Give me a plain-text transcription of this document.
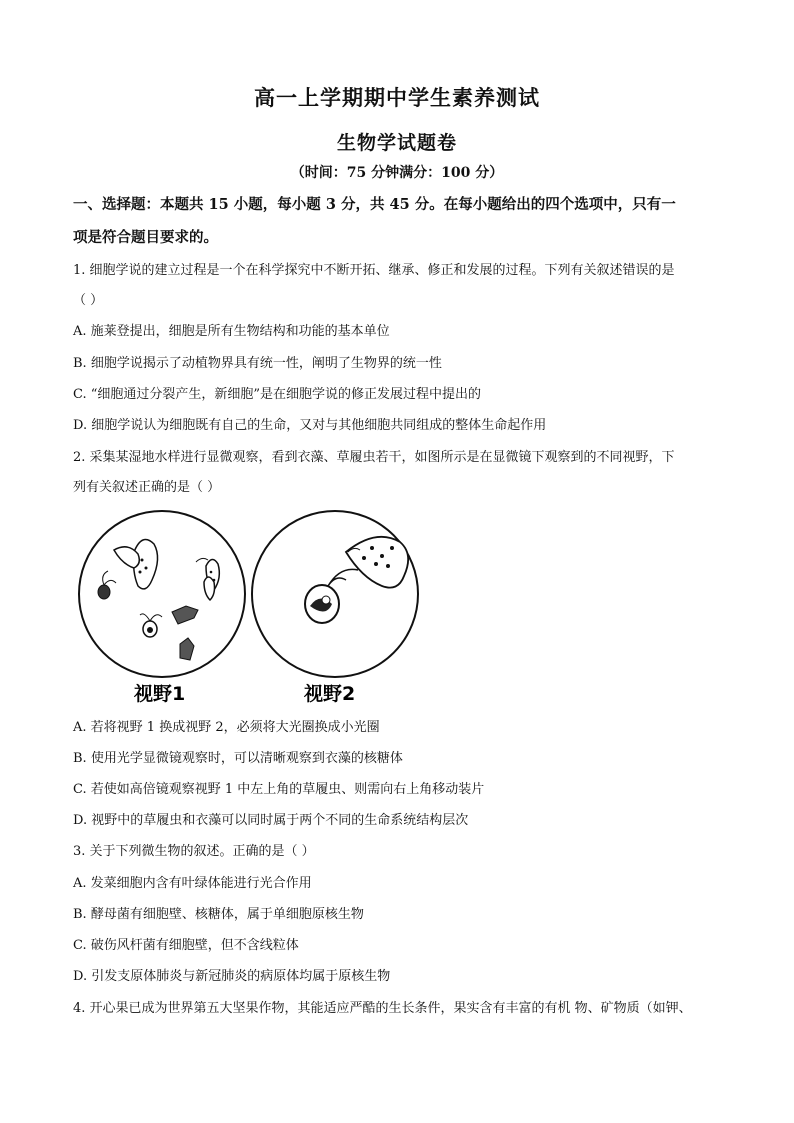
高一上学期期中学生素养测试
生物学试题卷
（时间：75 分钟满分：100 分）
一、选择题：本题共 15 小题，每小题 3 分，共 45 分。在每小题给出的四个选项中，只有一
项是符合题目要求的。
1. 细胞学说的建立过程是一个在科学探究中不断开拓、继承、修正和发展的过程。下列有关叙述错误的是
（ ）
A. 施莱登提出，细胞是所有生物结构和功能的基本单位
B. 细胞学说揭示了动植物界具有统一性，阐明了生物界的统一性
C. “细胞通过分裂产生，新细胞”是在细胞学说的修正发展过程中提出的
D. 细胞学说认为细胞既有自己的生命，又对与其他细胞共同组成的整体生命起作用
2. 采集某湿地水样进行显微观察，看到衣藻、草履虫若干，如图所示是在显微镜下观察到的不同视野，下
列有关叙述正确的是（ ）
视野1	视野2
A. 若将视野 1 换成视野 2，必须将大光圈换成小光圈
B. 使用光学显微镜观察时，可以清晰观察到衣藻的核糖体
C. 若使如高倍镜观察视野 1 中左上角的草履虫、则需向右上角移动装片
D. 视野中的草履虫和衣藻可以同时属于两个不同的生命系统结构层次
3. 关于下列微生物的叙述。正确的是（ ）
A. 发菜细胞内含有叶绿体能进行光合作用
B. 酵母菌有细胞壁、核糖体，属于单细胞原核生物
C. 破伤风杆菌有细胞壁，但不含线粒体
D. 引发支原体肺炎与新冠肺炎的病原体均属于原核生物
4. 开心果已成为世界第五大坚果作物，其能适应严酷的生长条件，果实含有丰富的有机 物、矿物质（如钾、
